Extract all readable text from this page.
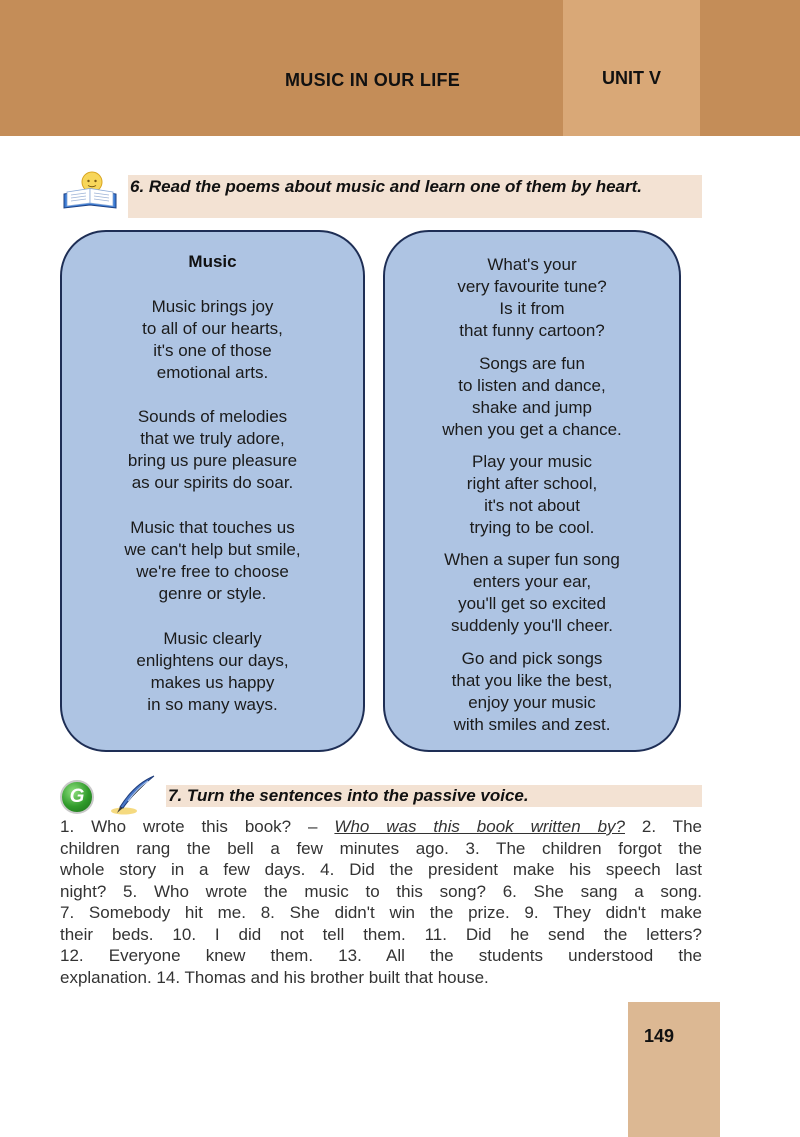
MUSIC IN OUR LIFE	UNIT V
6. Read the poems about music and learn one of them by heart.
Music
Music brings joy
to all of our hearts,
it's one of those
emotional arts.
Sounds of melodies
that we truly adore,
bring us pure pleasure
as our spirits do soar.
Music that touches us
we can't help but smile,
we're free to choose
genre or style.
Music clearly
enlightens our days,
makes us happy
in so many ways.
What's your
very favourite tune?
Is it from
that funny cartoon?
Songs are fun
to listen and dance,
shake and jump
when you get a chance.
Play your music
right after school,
it's not about
trying to be cool.
When a super fun song
enters your ear,
you'll get so excited
suddenly you'll cheer.
Go and pick songs
that you like the best,
enjoy your music
with smiles and zest.
G	7. Turn the sentences into the passive voice.
1. Who wrote this book? – Who was this book written by? 2. The
children rang the bell a few minutes ago. 3. The children forgot the
whole story in a few days. 4. Did the president make his speech last
night? 5. Who wrote the music to this song? 6. She sang a song.
7. Somebody hit me. 8. She didn't win the prize. 9. They didn't make
their beds. 10. I did not tell them. 11. Did he send the letters?
12. Everyone knew them. 13. All the students understood the
explanation. 14. Thomas and his brother built that house.
149
